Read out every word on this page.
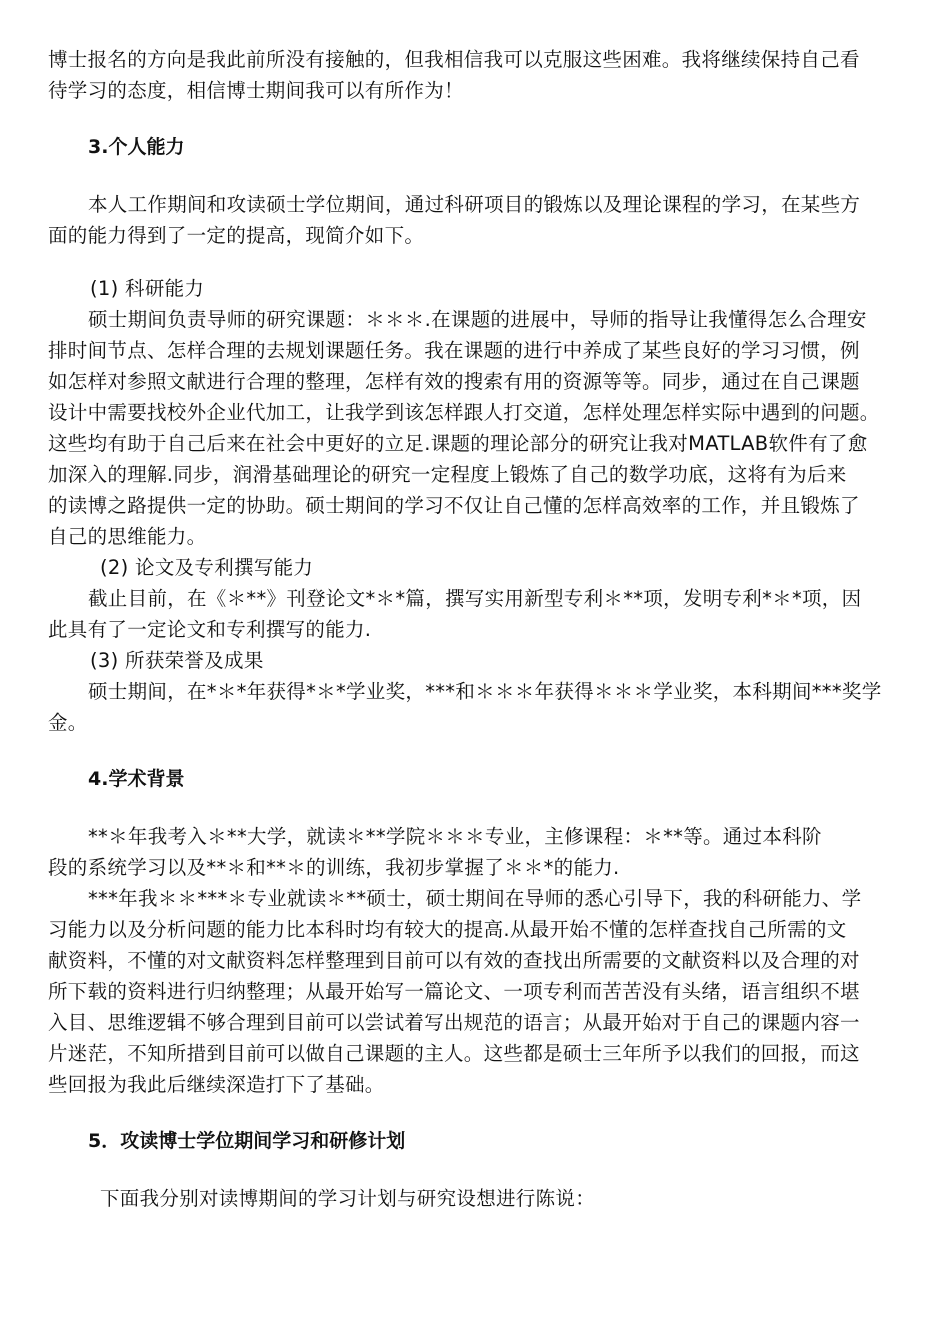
博士报名的方向是我此前所没有接触的，但我相信我可以克服这些困难。我将继续保持自己看
待学习的态度，相信博士期间我可以有所作为！
3.个人能力
本人工作期间和攻读硕士学位期间，通过科研项目的锻炼以及理论课程的学习，在某些方
面的能力得到了一定的提高，现简介如下。
(1) 科研能力
硕士期间负责导师的研究课题：＊＊＊.在课题的进展中，导师的指导让我懂得怎么合理安
排时间节点、怎样合理的去规划课题任务。我在课题的进行中养成了某些良好的学习习惯，例
如怎样对参照文献进行合理的整理，怎样有效的搜索有用的资源等等。同步，通过在自己课题
设计中需要找校外企业代加工，让我学到该怎样跟人打交道，怎样处理怎样实际中遇到的问题。
这些均有助于自己后来在社会中更好的立足.课题的理论部分的研究让我对MATLAB软件有了愈
加深入的理解.同步，润滑基础理论的研究一定程度上锻炼了自己的数学功底，这将有为后来
的读博之路提供一定的协助。硕士期间的学习不仅让自己懂的怎样高效率的工作，并且锻炼了
自己的思维能力。
(2) 论文及专利撰写能力
截止目前，在《＊**》刊登论文*＊*篇，撰写实用新型专利＊**项，发明专利*＊*项，因
此具有了一定论文和专利撰写的能力.
(3) 所获荣誉及成果
硕士期间，在*＊*年获得*＊*学业奖，***和＊＊＊年获得＊＊＊学业奖，本科期间***奖学
金。
4.学术背景
**＊年我考入＊**大学，就读＊**学院＊＊＊专业，主修课程：＊**等。通过本科阶
段的系统学习以及**＊和**＊的训练，我初步掌握了＊＊*的能力.
***年我＊＊***＊专业就读＊**硕士，硕士期间在导师的悉心引导下，我的科研能力、学
习能力以及分析问题的能力比本科时均有较大的提高.从最开始不懂的怎样查找自己所需的文
献资料，不懂的对文献资料怎样整理到目前可以有效的查找出所需要的文献资料以及合理的对
所下载的资料进行归纳整理；从最开始写一篇论文、一项专利而苦苦没有头绪，语言组织不堪
入目、思维逻辑不够合理到目前可以尝试着写出规范的语言；从最开始对于自己的课题内容一
片迷茫，不知所措到目前可以做自己课题的主人。这些都是硕士三年所予以我们的回报，而这
些回报为我此后继续深造打下了基础。
5．攻读博士学位期间学习和研修计划
下面我分别对读博期间的学习计划与研究设想进行陈说：
